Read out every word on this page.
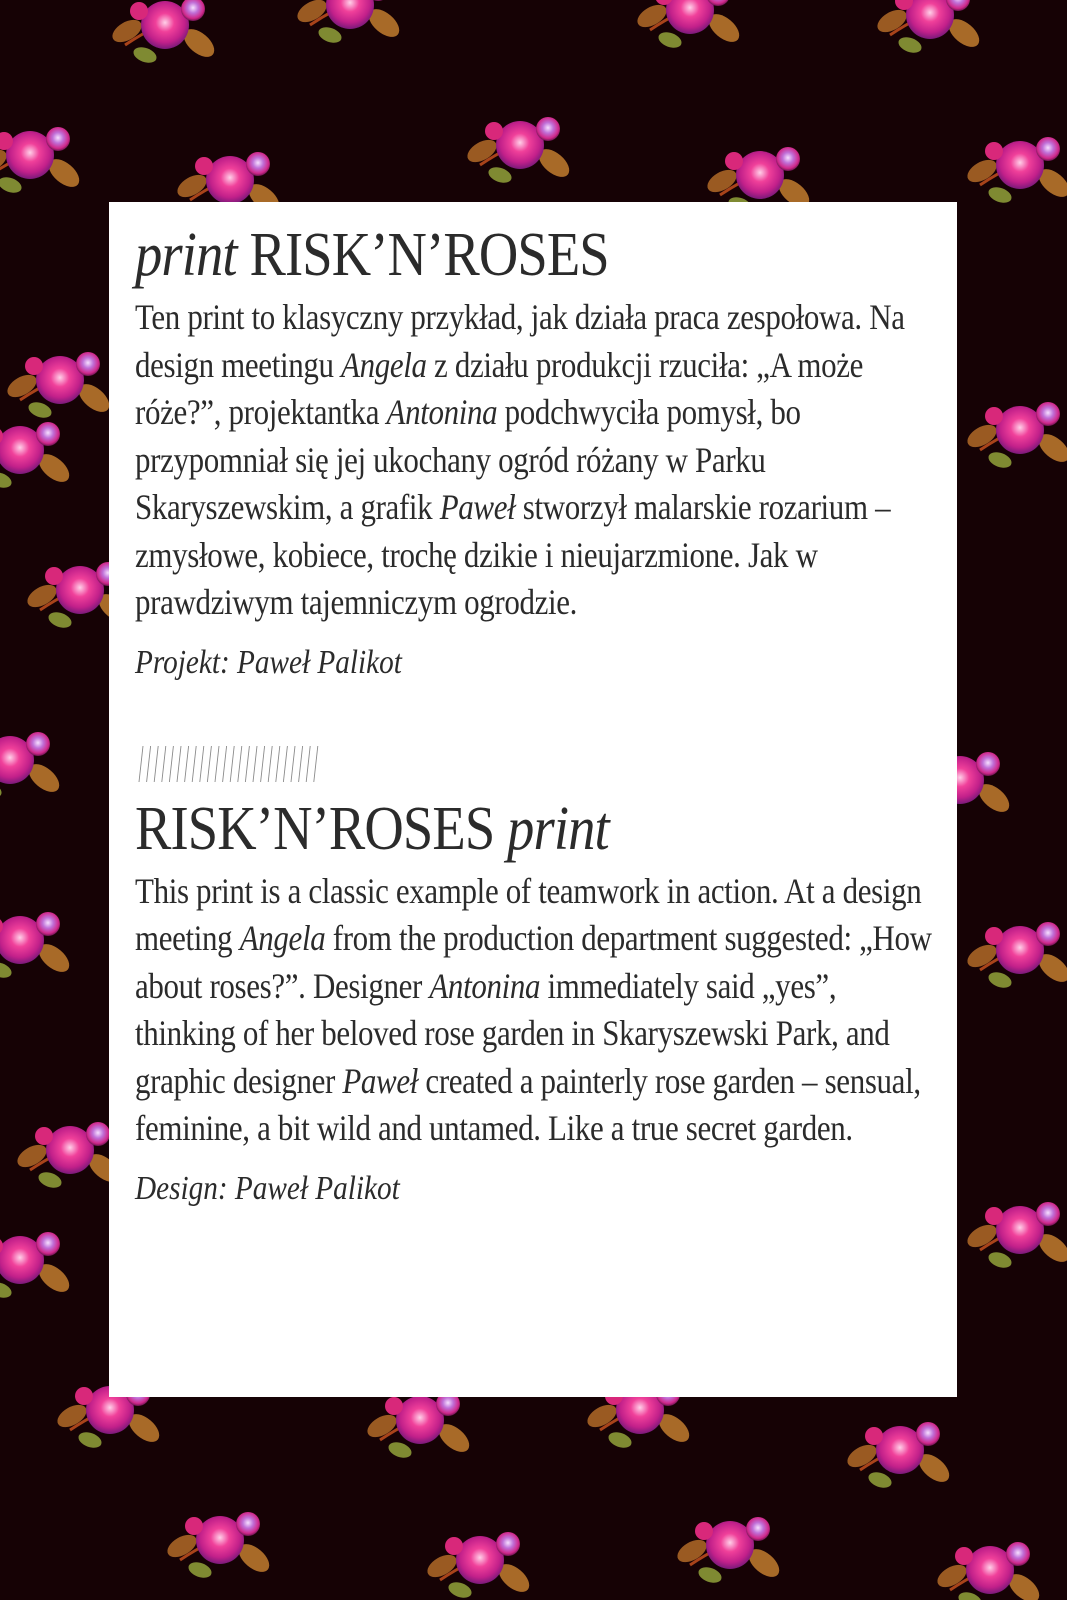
print RISK’N’ROSES

Ten print to klasyczny przykład, jak działa praca zespołowa. Na design meetingu Angela z działu produkcji rzuciła: „A może róże?”, projektantka Antonina podchwyciła pomysł, bo przypomniał się jej ukochany ogród różany w Parku Skaryszewskim, a grafik Paweł stworzył malarskie rozarium – zmysłowe, kobiece, trochę dzikie i nieujarzmione. Jak w prawdziwym tajemniczym ogrodzie.

Projekt: Paweł Palikot

RISK’N’ROSES print

This print is a classic example of teamwork in action. At a design meeting Angela from the production department suggested: „How about roses?”. Designer Antonina immediately said „yes”, thinking of her beloved rose garden in Skaryszewski Park, and graphic designer Paweł created a painterly rose garden – sensual, feminine, a bit wild and untamed. Like a true secret garden.

Design: Paweł Palikot
